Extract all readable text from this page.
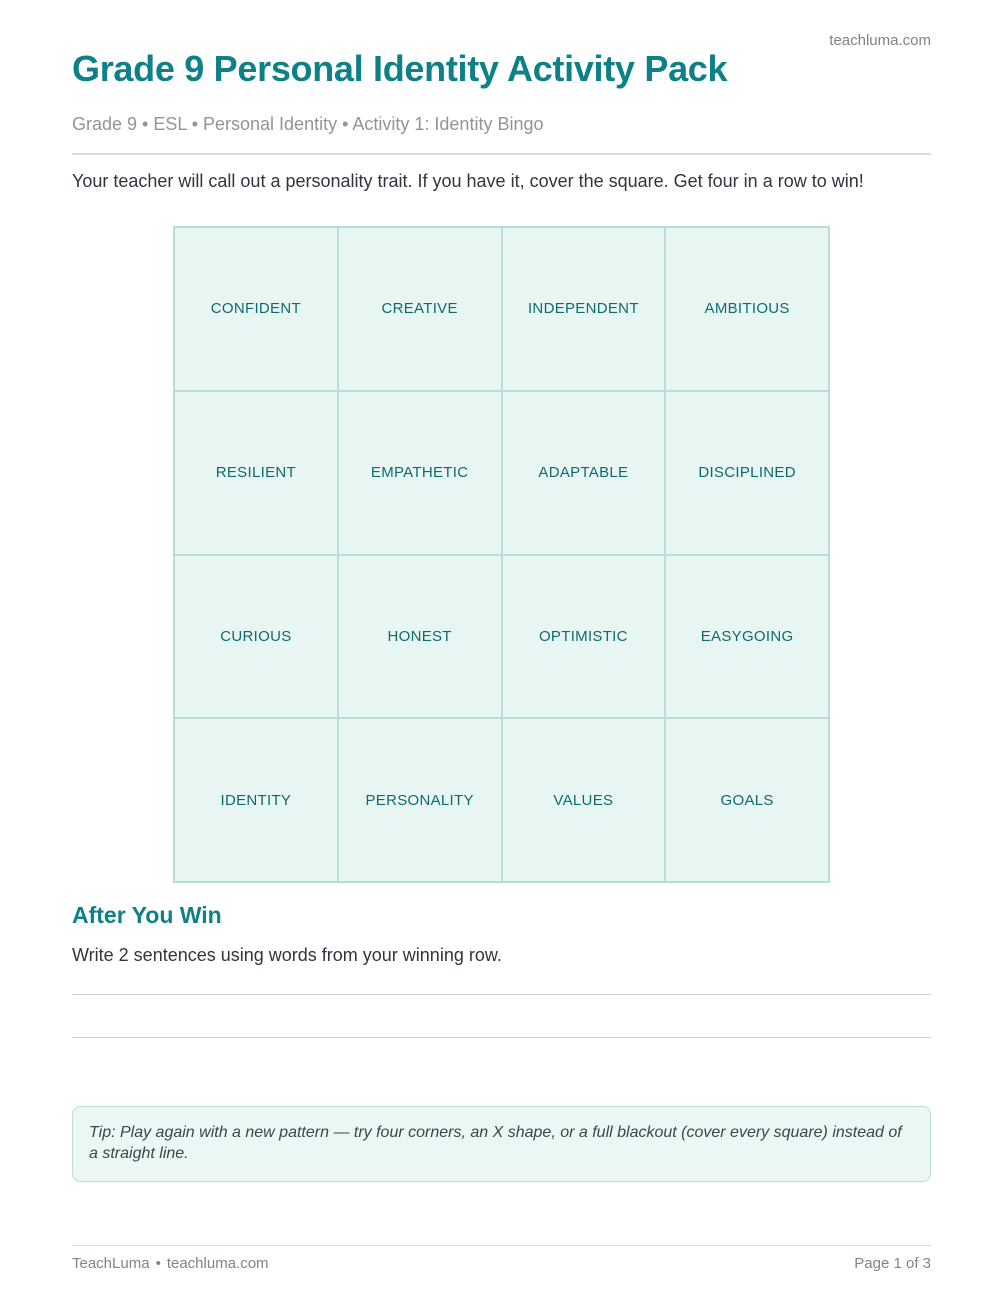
teachluma.com
Grade 9 Personal Identity Activity Pack
Grade 9 • ESL • Personal Identity • Activity 1: Identity Bingo
Your teacher will call out a personality trait. If you have it, cover the square. Get four in a row to win!
CONFIDENT	CREATIVE	INDEPENDENT	AMBITIOUS
RESILIENT	EMPATHETIC	ADAPTABLE	DISCIPLINED
CURIOUS	HONEST	OPTIMISTIC	EASYGOING
IDENTITY	PERSONALITY	VALUES	GOALS
After You Win
Write 2 sentences using words from your winning row.
Tip: Play again with a new pattern — try four corners, an X shape, or a full blackout (cover every square) instead of a straight line.
TeachLuma • teachluma.com	Page 1 of 3
